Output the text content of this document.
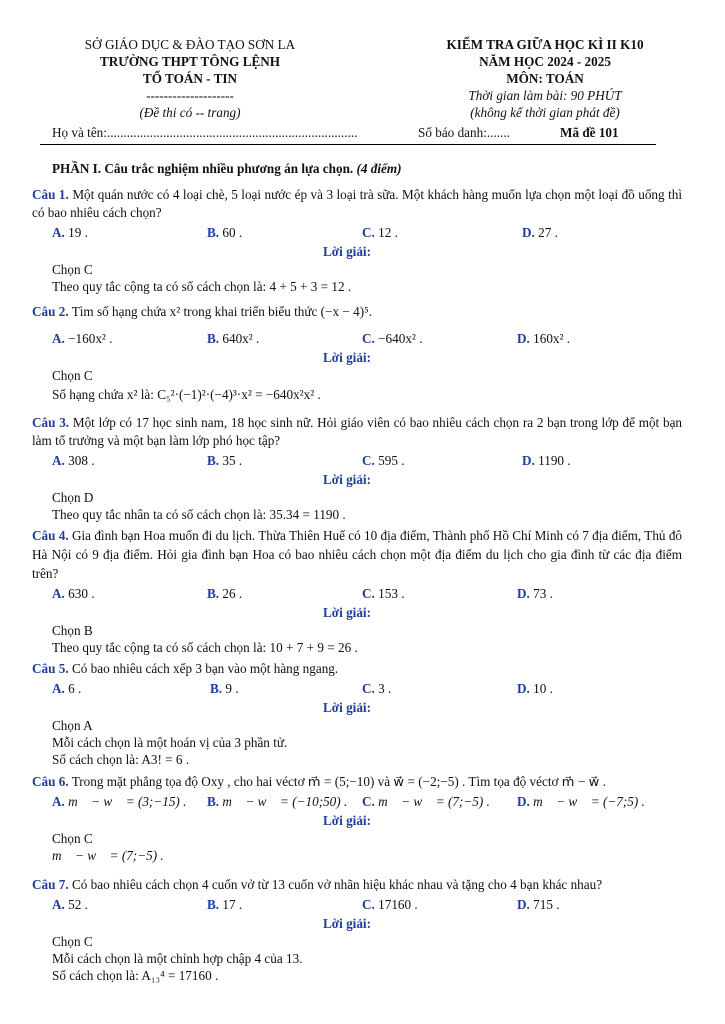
SỞ GIÁO DỤC & ĐÀO TẠO SƠN LA
TRƯỜNG THPT TÔNG LỆNH
TỔ TOÁN - TIN
--------------------
(Đề thi có -- trang)
KIỂM TRA GIỮA HỌC KÌ II K10
NĂM HỌC 2024 - 2025
MÔN: TOÁN
Thời gian làm bài: 90 PHÚT
(không kể thời gian phát đề)
Họ và tên:............................................................................	Số báo danh:.......	Mã đề 101
PHẦN I. Câu trắc nghiệm nhiều phương án lựa chọn. (4 điểm)
Câu 1. Một quán nước có 4 loại chè, 5 loại nước ép và 3 loại trà sữa. Một khách hàng muốn lựa chọn một loại đồ uống thì có bao nhiêu cách chọn?
A. 19 .	B. 60 .	C. 12 .	D. 27 .
Lời giải:
Chọn C
Theo quy tắc cộng ta có số cách chọn là: 4 + 5 + 3 = 12 .
Câu 2. Tìm số hạng chứa x² trong khai triển biểu thức (−x − 4)⁵.
A. −160x² .	B. 640x² .	C. −640x² .	D. 160x² .
Lời giải:
Chọn C
Số hạng chứa x² là: C₅²·(−1)²·(−4)³·x² = −640x²x² .
Câu 3. Một lớp có 17 học sinh nam, 18 học sinh nữ. Hỏi giáo viên có bao nhiêu cách chọn ra 2 bạn trong lớp để một bạn làm tổ trưởng và một bạn làm lớp phó học tập?
A. 308 .	B. 35 .	C. 595 .	D. 1190 .
Lời giải:
Chọn D
Theo quy tắc nhân ta có số cách chọn là: 35.34 = 1190 .
Câu 4. Gia đình bạn Hoa muốn đi du lịch. Thừa Thiên Huế có 10 địa điểm, Thành phố Hồ Chí Minh có 7 địa điểm, Thủ đô Hà Nội có 9 địa điểm. Hỏi gia đình bạn Hoa có bao nhiêu cách chọn một địa điểm du lịch cho gia đình từ các địa điểm trên?
A. 630 .	B. 26 .	C. 153 .	D. 73 .
Lời giải:
Chọn B
Theo quy tắc cộng ta có số cách chọn là: 10 + 7 + 9 = 26 .
Câu 5. Có bao nhiêu cách xếp 3 bạn vào một hàng ngang.
A. 6 .	B. 9 .	C. 3 .	D. 10 .
Lời giải:
Chọn A
Mỗi cách chọn là một hoán vị của 3 phần tử.
Số cách chọn là: A3! = 6 .
Câu 6. Trong mặt phẳng tọa độ Oxy , cho hai véctơ m⃗ = (5;−10) và w⃗ = (−2;−5) . Tìm tọa độ véctơ m⃗ − w⃗ .
A. m⃗ − w⃗ = (3;−15) . B. m⃗ − w⃗ = (−10;50) . C. m⃗ − w⃗ = (7;−5) . D. m⃗ − w⃗ = (−7;5) .
Lời giải:
Chọn C
m⃗ − w⃗ = (7;−5) .
Câu 7. Có bao nhiêu cách chọn 4 cuốn vở từ 13 cuốn vở nhãn hiệu khác nhau và tặng cho 4 bạn khác nhau?
A. 52 .	B. 17 .	C. 17160 .	D. 715 .
Lời giải:
Chọn C
Mỗi cách chọn là một chỉnh hợp chập 4 của 13.
Số cách chọn là: A₁₃⁴ = 17160 .
